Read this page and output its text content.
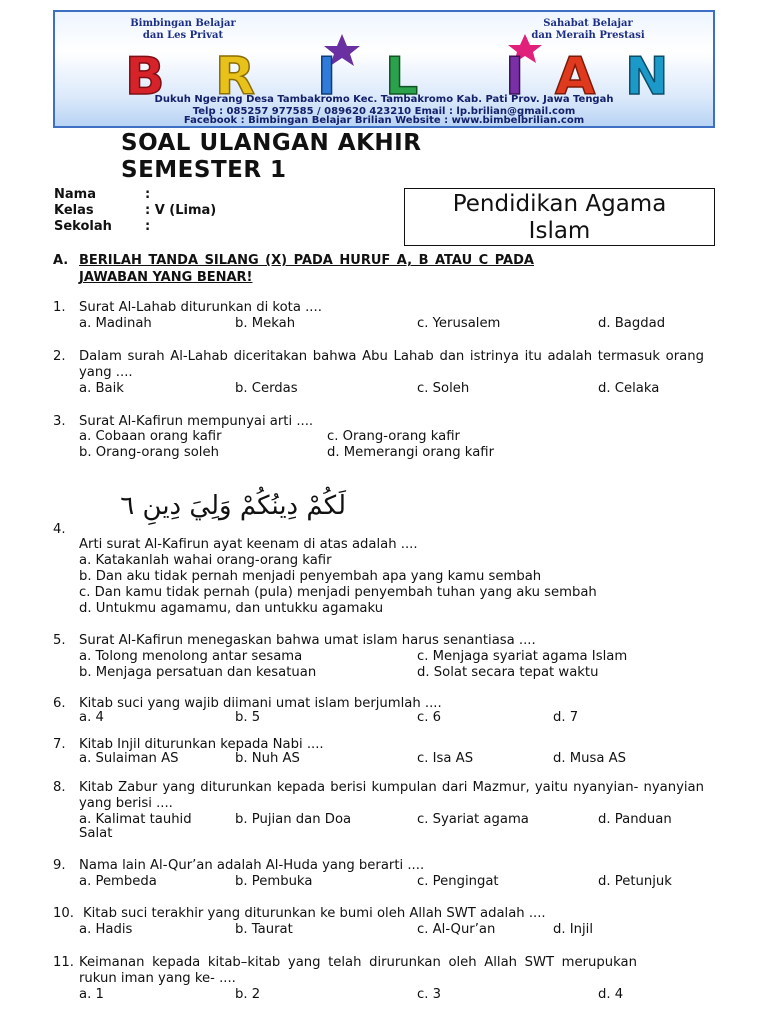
Bimbingan Belajar
dan Les Privat
Sahabat Belajar
dan Meraih Prestasi
B R I L I A N
Dukuh Ngerang Desa Tambakromo Kec. Tambakromo Kab. Pati Prov. Jawa Tengah
Telp : 085257 977585 / 089620 423210 Email : lp.brilian@gmail.com
Facebook : Bimbingan Belajar Brilian Website : www.bimbelbrilian.com
SOAL ULANGAN AKHIR
SEMESTER 1
Nama	:
Kelas	: V (Lima)
Sekolah	:
Pendidikan Agama
Islam
A. BERILAH TANDA SILANG (X) PADA HURUF A, B ATAU C PADA
JAWABAN YANG BENAR!
1. Surat Al-Lahab diturunkan di kota ....
a. Madinah	b. Mekah	c. Yerusalem	d. Bagdad
2. Dalam surah Al-Lahab diceritakan bahwa Abu Lahab dan istrinya itu adalah termasuk orang yang ....
a. Baik	b. Cerdas	c. Soleh	d. Celaka
3. Surat Al-Kafirun mempunyai arti ....
a. Cobaan orang kafir	c. Orang-orang kafir
b. Orang-orang soleh	d. Memerangi orang kafir
لَكُمْ دِينُكُمْ وَلِيَ دِينِ ٦
4.
Arti surat Al-Kafirun ayat keenam di atas adalah ....
a. Katakanlah wahai orang-orang kafir
b. Dan aku tidak pernah menjadi penyembah apa yang kamu sembah
c. Dan kamu tidak pernah (pula) menjadi penyembah tuhan yang aku sembah
d. Untukmu agamamu, dan untukku agamaku
5. Surat Al-Kafirun menegaskan bahwa umat islam harus senantiasa ....
a. Tolong menolong antar sesama	c. Menjaga syariat agama Islam
b. Menjaga persatuan dan kesatuan	d. Solat secara tepat waktu
6. Kitab suci yang wajib diimani umat islam berjumlah ....
a. 4	b. 5	c. 6	d. 7
7. Kitab Injil diturunkan kepada Nabi ....
a. Sulaiman AS	b. Nuh AS	c. Isa AS	d. Musa AS
8. Kitab Zabur yang diturunkan kepada berisi kumpulan dari Mazmur, yaitu nyanyian- nyanyian yang berisi ....
a. Kalimat tauhid	b. Pujian dan Doa	c. Syariat agama	d. Panduan
Salat
9. Nama lain Al-Qur’an adalah Al-Huda yang berarti ....
a. Pembeda	b. Pembuka	c. Pengingat	d. Petunjuk
10. Kitab suci terakhir yang diturunkan ke bumi oleh Allah SWT adalah ....
a. Hadis	b. Taurat	c. Al-Qur’an	d. Injil
11. Keimanan kepada kitab–kitab yang telah dirurunkan oleh Allah SWT merupukan rukun iman yang ke- ....
a. 1	b. 2	c. 3	d. 4
